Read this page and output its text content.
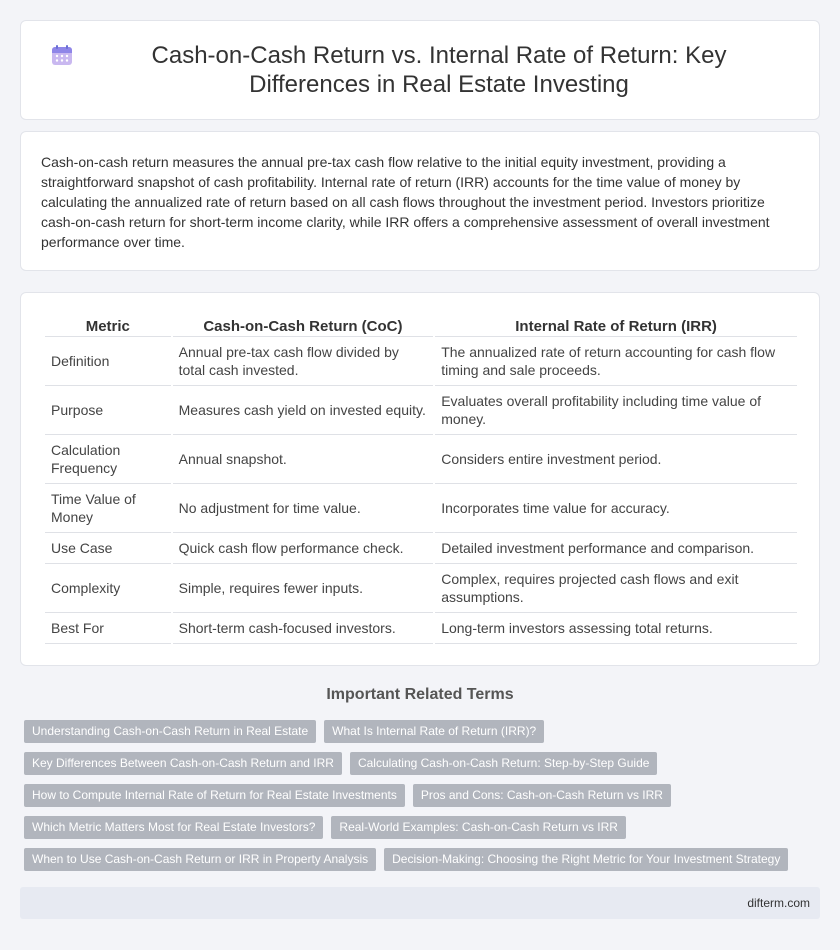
Cash-on-Cash Return vs. Internal Rate of Return: Key Differences in Real Estate Investing

Cash-on-cash return measures the annual pre-tax cash flow relative to the initial equity investment, providing a straightforward snapshot of cash profitability. Internal rate of return (IRR) accounts for the time value of money by calculating the annualized rate of return based on all cash flows throughout the investment period. Investors prioritize cash-on-cash return for short-term income clarity, while IRR offers a comprehensive assessment of overall investment performance over time.

Metric	Cash-on-Cash Return (CoC)	Internal Rate of Return (IRR)
Definition	Annual pre-tax cash flow divided by total cash invested.	The annualized rate of return accounting for cash flow timing and sale proceeds.
Purpose	Measures cash yield on invested equity.	Evaluates overall profitability including time value of money.
Calculation Frequency	Annual snapshot.	Considers entire investment period.
Time Value of Money	No adjustment for time value.	Incorporates time value for accuracy.
Use Case	Quick cash flow performance check.	Detailed investment performance and comparison.
Complexity	Simple, requires fewer inputs.	Complex, requires projected cash flows and exit assumptions.
Best For	Short-term cash-focused investors.	Long-term investors assessing total returns.
Important Related Terms
Understanding Cash-on-Cash Return in Real Estate	What Is Internal Rate of Return (IRR)?
Key Differences Between Cash-on-Cash Return and IRR	Calculating Cash-on-Cash Return: Step-by-Step Guide
How to Compute Internal Rate of Return for Real Estate Investments	Pros and Cons: Cash-on-Cash Return vs IRR
Which Metric Matters Most for Real Estate Investors?	Real-World Examples: Cash-on-Cash Return vs IRR
When to Use Cash-on-Cash Return or IRR in Property Analysis	Decision-Making: Choosing the Right Metric for Your Investment Strategy
difterm.com
